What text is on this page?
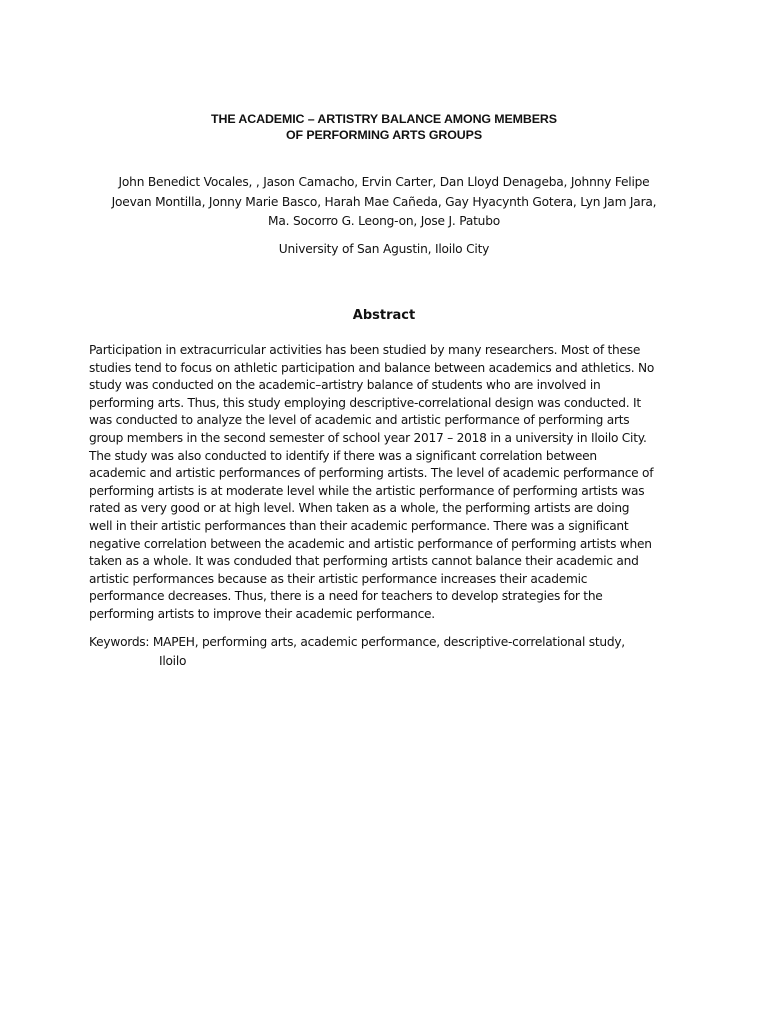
THE ACADEMIC – ARTISTRY BALANCE AMONG MEMBERS
OF PERFORMING ARTS GROUPS
John Benedict Vocales, , Jason Camacho, Ervin Carter, Dan Lloyd Denageba, Johnny Felipe
Joevan Montilla, Jonny Marie Basco, Harah Mae Cañeda, Gay Hyacynth Gotera, Lyn Jam Jara,
Ma. Socorro G. Leong-on, Jose J. Patubo
University of San Agustin, Iloilo City
Abstract
Participation in extracurricular activities has been studied by many researchers. Most of these
studies tend to focus on athletic participation and balance between academics and athletics. No
study was conducted on the academic–artistry balance of students who are involved in
performing arts. Thus, this study employing descriptive-correlational design was conducted. It
was conducted to analyze the level of academic and artistic performance of performing arts
group members in the second semester of school year 2017 – 2018 in a university in Iloilo City.
The study was also conducted to identify if there was a significant correlation between
academic and artistic performances of performing artists. The level of academic performance of
performing artists is at moderate level while the artistic performance of performing artists was
rated as very good or at high level. When taken as a whole, the performing artists are doing
well in their artistic performances than their academic performance. There was a significant
negative correlation between the academic and artistic performance of performing artists when
taken as a whole. It was conduded that performing artists cannot balance their academic and
artistic performances because as their artistic performance increases their academic
performance decreases. Thus, there is a need for teachers to develop strategies for the
performing artists to improve their academic performance.
Keywords: MAPEH, performing arts, academic performance, descriptive-correlational study,
Iloilo
